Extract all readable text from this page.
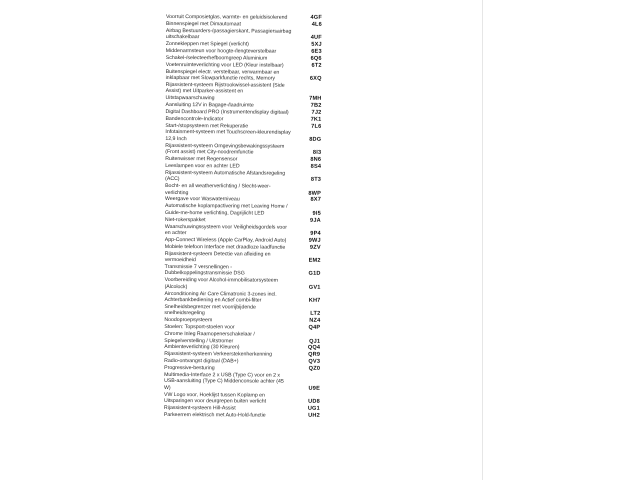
Voorruit Composietglas, warmte- en geluidsisolerend	4GF
Binnenspiegel met Dimautomaat	4L6
Airbag Bestuurders-/passagierskant, Passagiersairbag uitschakelbaar	4UF
Zonnekleppen met Spiegel (verlicht)	5XJ
Middenarmsteun voor hoogte-/lengteverstelbaar	6E3
Schakel-/selecteerhefboomgreep Aluminium	6Q6
Voetenruimteverlichting voor LED (Kleur instelbaar)	6T2
Buitenspiegel electr. verstelbaar, verwarmbaar en inklapbaar met Slowparkfunctie rechts, Memory	6XQ
Rijassistent-systeem Rijstrookwissel-assistent (Side Assist) met Uitparker-assistent en Uitstapwaarschuwing	7MH
Aansluiting 12V in Bagage-/laadruimte	7B2
Digital Dashboard PRO (Instrumentendisplay digitaal)	7J2
Bandencontrole-Indicator	7K1
Start-/stopsysteem met Rekuperatie	7L6
Infotainment-systeem met Touchscreen-kleurendisplay 12,9 Inch	8DG
Rijassistent-systeem Omgevingsbewakingssysteem (Front assist) met City-noodremfunctie	8I3
Ruitenwisser met Regensensor	8N6
Leeslampen voor en achter LED	8S4
Rijassistent-systeem Automatische Afstandsregeling (ACC)	8T3
Bocht- en all weatherverlichting / Slecht-weer-verlichting	8WP
Weergave voor Waswaterniveau	8X7
Automatische koplampactivering met Leaving Home / Guide-me-home verlichting, Dagrijlicht LED	9I5
Niet-rokerspakket	9JA
Waarschuwingssysteem voor Veiligheidsgordels voor en achter	9P4
App-Connect Wireless (Apple CarPlay, Android Auto)	9WJ
Mobiele telefoon Interface met draadloze laadfunctie	9ZV
Rijassistent-systeem Detectie van afleiding en vermoeidheid	EM2
Transmissie 7 versnellingen - Dubbelkoppelingstransmissie DSG	G1D
Voorbereiding voor Alcohol-immobilisatorsysteem (Alcolock)	GV1
Airconditioning Air Care Climatronic 3-zones incl. Achterbankbediening en Actief combi-filter	KH7
Snelheidsbegrenzer met voorrijbijdende snelheidsregeling	LT2
Noodoproepsysteem	NZ4
Stoelen: Topsport-stoelen voor	Q4P
Chrome Inleg Raamopenerschakelaar / Spiegelverstelling / Uitstromer	QJ1
Ambienteverlichting (30 Kleuren)	QQ4
Rijassistent-systeem Verkeerstekenherkenning	QR9
Radio-ontvangst digitaal (DAB+)	QV3
Progressive-besturing	QZ0
Multimedia-Interface 2 x USB (Type C) voor en 2 x USB-aansluiting (Type C) Middenconsole achter (45 W)	U9E
VW Logo voor, Hoeklijst tussen Koplamp en Uitsparingen voor deurgrepen buiten verlicht	UD8
Rijassistent-systeem Hill-Assist	UG1
Parkeerrem elektrisch met Auto-Hold-functie	UH2
